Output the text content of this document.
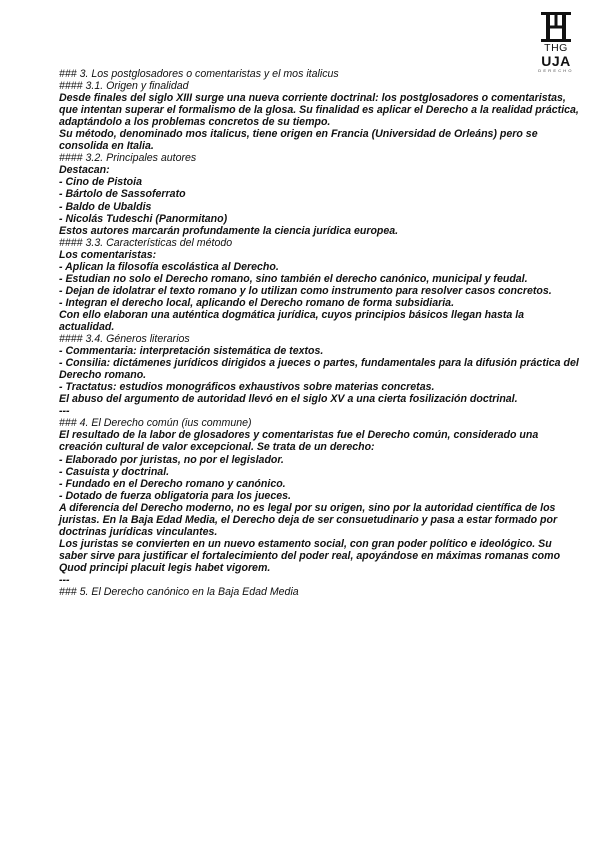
THG
UJA
DERECHO

### 3. Los postglosadores o comentaristas y el mos italicus

#### 3.1. Origen y finalidad

Desde finales del siglo XIII surge una nueva corriente doctrinal: los postglosadores o comentaristas, que intentan superar el formalismo de la glosa. Su finalidad es aplicar el Derecho a la realidad práctica, adaptándolo a los problemas concretos de su tiempo.

Su método, denominado mos italicus, tiene origen en Francia (Universidad de Orleáns) pero se consolida en Italia.

#### 3.2. Principales autores

Destacan:

- Cino de Pistoia

- Bártolo de Sassoferrato

- Baldo de Ubaldis

- Nicolás Tudeschi (Panormitano)

Estos autores marcarán profundamente la ciencia jurídica europea.

#### 3.3. Características del método

Los comentaristas:

- Aplican la filosofía escolástica al Derecho.

- Estudian no solo el Derecho romano, sino también el derecho canónico, municipal y feudal.

- Dejan de idolatrar el texto romano y lo utilizan como instrumento para resolver casos concretos.

- Integran el derecho local, aplicando el Derecho romano de forma subsidiaria.

Con ello elaboran una auténtica dogmática jurídica, cuyos principios básicos llegan hasta la actualidad.

#### 3.4. Géneros literarios

- Commentaria: interpretación sistemática de textos.

- Consilia: dictámenes jurídicos dirigidos a jueces o partes, fundamentales para la difusión práctica del Derecho romano.

- Tractatus: estudios monográficos exhaustivos sobre materias concretas.

El abuso del argumento de autoridad llevó en el siglo XV a una cierta fosilización doctrinal.

---

### 4. El Derecho común (ius commune)

El resultado de la labor de glosadores y comentaristas fue el Derecho común, considerado una creación cultural de valor excepcional. Se trata de un derecho:

- Elaborado por juristas, no por el legislador.

- Casuista y doctrinal.

- Fundado en el Derecho romano y canónico.

- Dotado de fuerza obligatoria para los jueces.

A diferencia del Derecho moderno, no es legal por su origen, sino por la autoridad científica de los juristas. En la Baja Edad Media, el Derecho deja de ser consuetudinario y pasa a estar formado por doctrinas jurídicas vinculantes.

Los juristas se convierten en un nuevo estamento social, con gran poder político e ideológico. Su saber sirve para justificar el fortalecimiento del poder real, apoyándose en máximas romanas como Quod principi placuit legis habet vigorem.

---

### 5. El Derecho canónico en la Baja Edad Media
